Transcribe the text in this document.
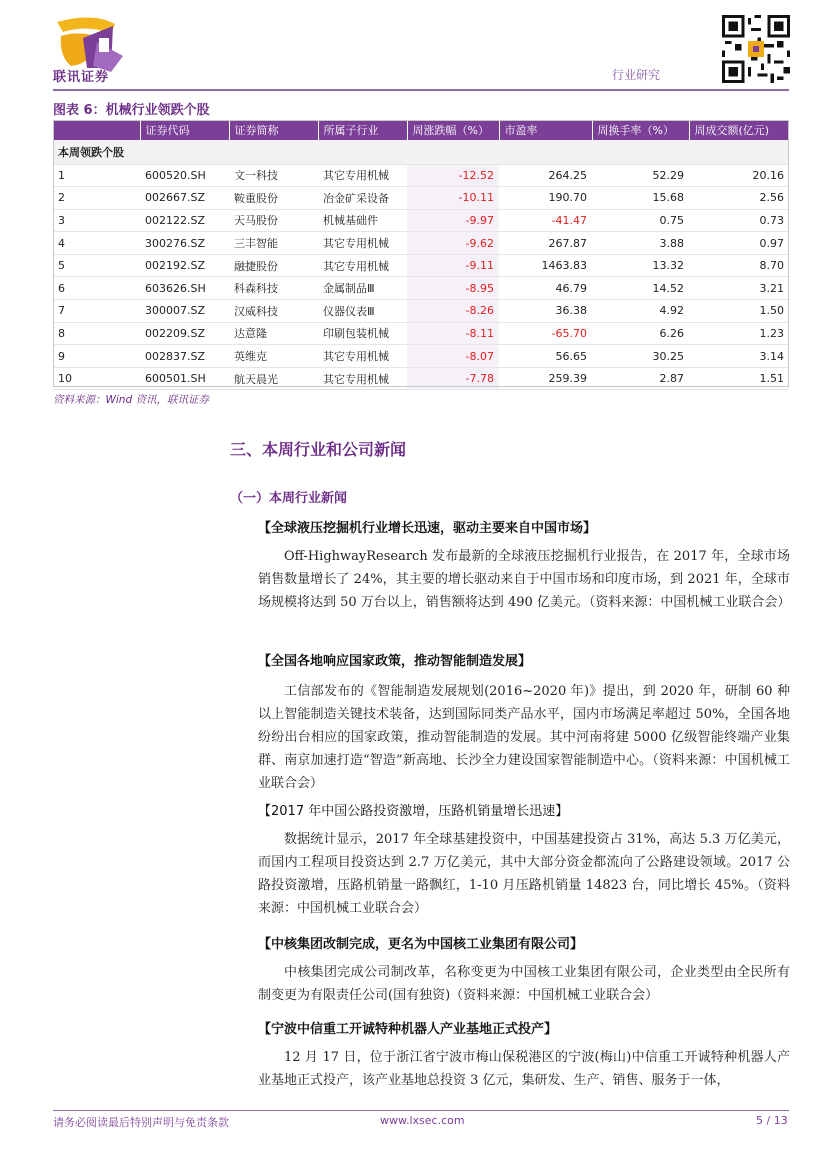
联讯证券	行业研究
图表 6：机械行业领跌个股
	证券代码	证券简称	所属子行业	周涨跌幅（%）	市盈率	周换手率（%）	周成交额(亿元)
本周领跌个股							
1	600520.SH	文一科技	其它专用机械	-12.52	264.25	52.29	20.16
2	002667.SZ	鞍重股份	冶金矿采设备	-10.11	190.70	15.68	2.56
3	002122.SZ	天马股份	机械基础件	-9.97	-41.47	0.75	0.73
4	300276.SZ	三丰智能	其它专用机械	-9.62	267.87	3.88	0.97
5	002192.SZ	融捷股份	其它专用机械	-9.11	1463.83	13.32	8.70
6	603626.SH	科森科技	金属制品Ⅲ	-8.95	46.79	14.52	3.21
7	300007.SZ	汉威科技	仪器仪表Ⅲ	-8.26	36.38	4.92	1.50
8	002209.SZ	达意隆	印刷包装机械	-8.11	-65.70	6.26	1.23
9	002837.SZ	英维克	其它专用机械	-8.07	56.65	30.25	3.14
10	600501.SH	航天晨光	其它专用机械	-7.78	259.39	2.87	1.51
资料来源：Wind 资讯，联讯证券
三、本周行业和公司新闻
（一）本周行业新闻
【全球液压挖掘机行业增长迅速，驱动主要来自中国市场】
Off-HighwayResearch 发布最新的全球液压挖掘机行业报告，在 2017 年，全球市场销售数量增长了 24%，其主要的增长驱动来自于中国市场和印度市场，到 2021 年，全球市场规模将达到 50 万台以上，销售额将达到 490 亿美元。（资料来源：中国机械工业联合会）
【全国各地响应国家政策，推动智能制造发展】
工信部发布的《智能制造发展规划(2016~2020 年)》提出，到 2020 年，研制 60 种以上智能制造关键技术装备，达到国际同类产品水平，国内市场满足率超过 50%，全国各地纷纷出台相应的国家政策，推动智能制造的发展。其中河南将建 5000 亿级智能终端产业集群、南京加速打造“智造”新高地、长沙全力建设国家智能制造中心。（资料来源：中国机械工业联合会）
【2017 年中国公路投资激增，压路机销量增长迅速】
数据统计显示，2017 年全球基建投资中，中国基建投资占 31%，高达 5.3 万亿美元，而国内工程项目投资达到 2.7 万亿美元，其中大部分资金都流向了公路建设领域。2017 公路投资激增，压路机销量一路飘红，1-10 月压路机销量 14823 台，同比增长 45%。（资料来源：中国机械工业联合会）
【中核集团改制完成，更名为中国核工业集团有限公司】
中核集团完成公司制改革，名称变更为中国核工业集团有限公司，企业类型由全民所有制变更为有限责任公司(国有独资)（资料来源：中国机械工业联合会）
【宁波中信重工开诚特种机器人产业基地正式投产】
12 月 17 日，位于浙江省宁波市梅山保税港区的宁波(梅山)中信重工开诚特种机器人产业基地正式投产，该产业基地总投资 3 亿元，集研发、生产、销售、服务于一体，
请务必阅读最后特别声明与免责条款	www.lxsec.com	5 / 13
